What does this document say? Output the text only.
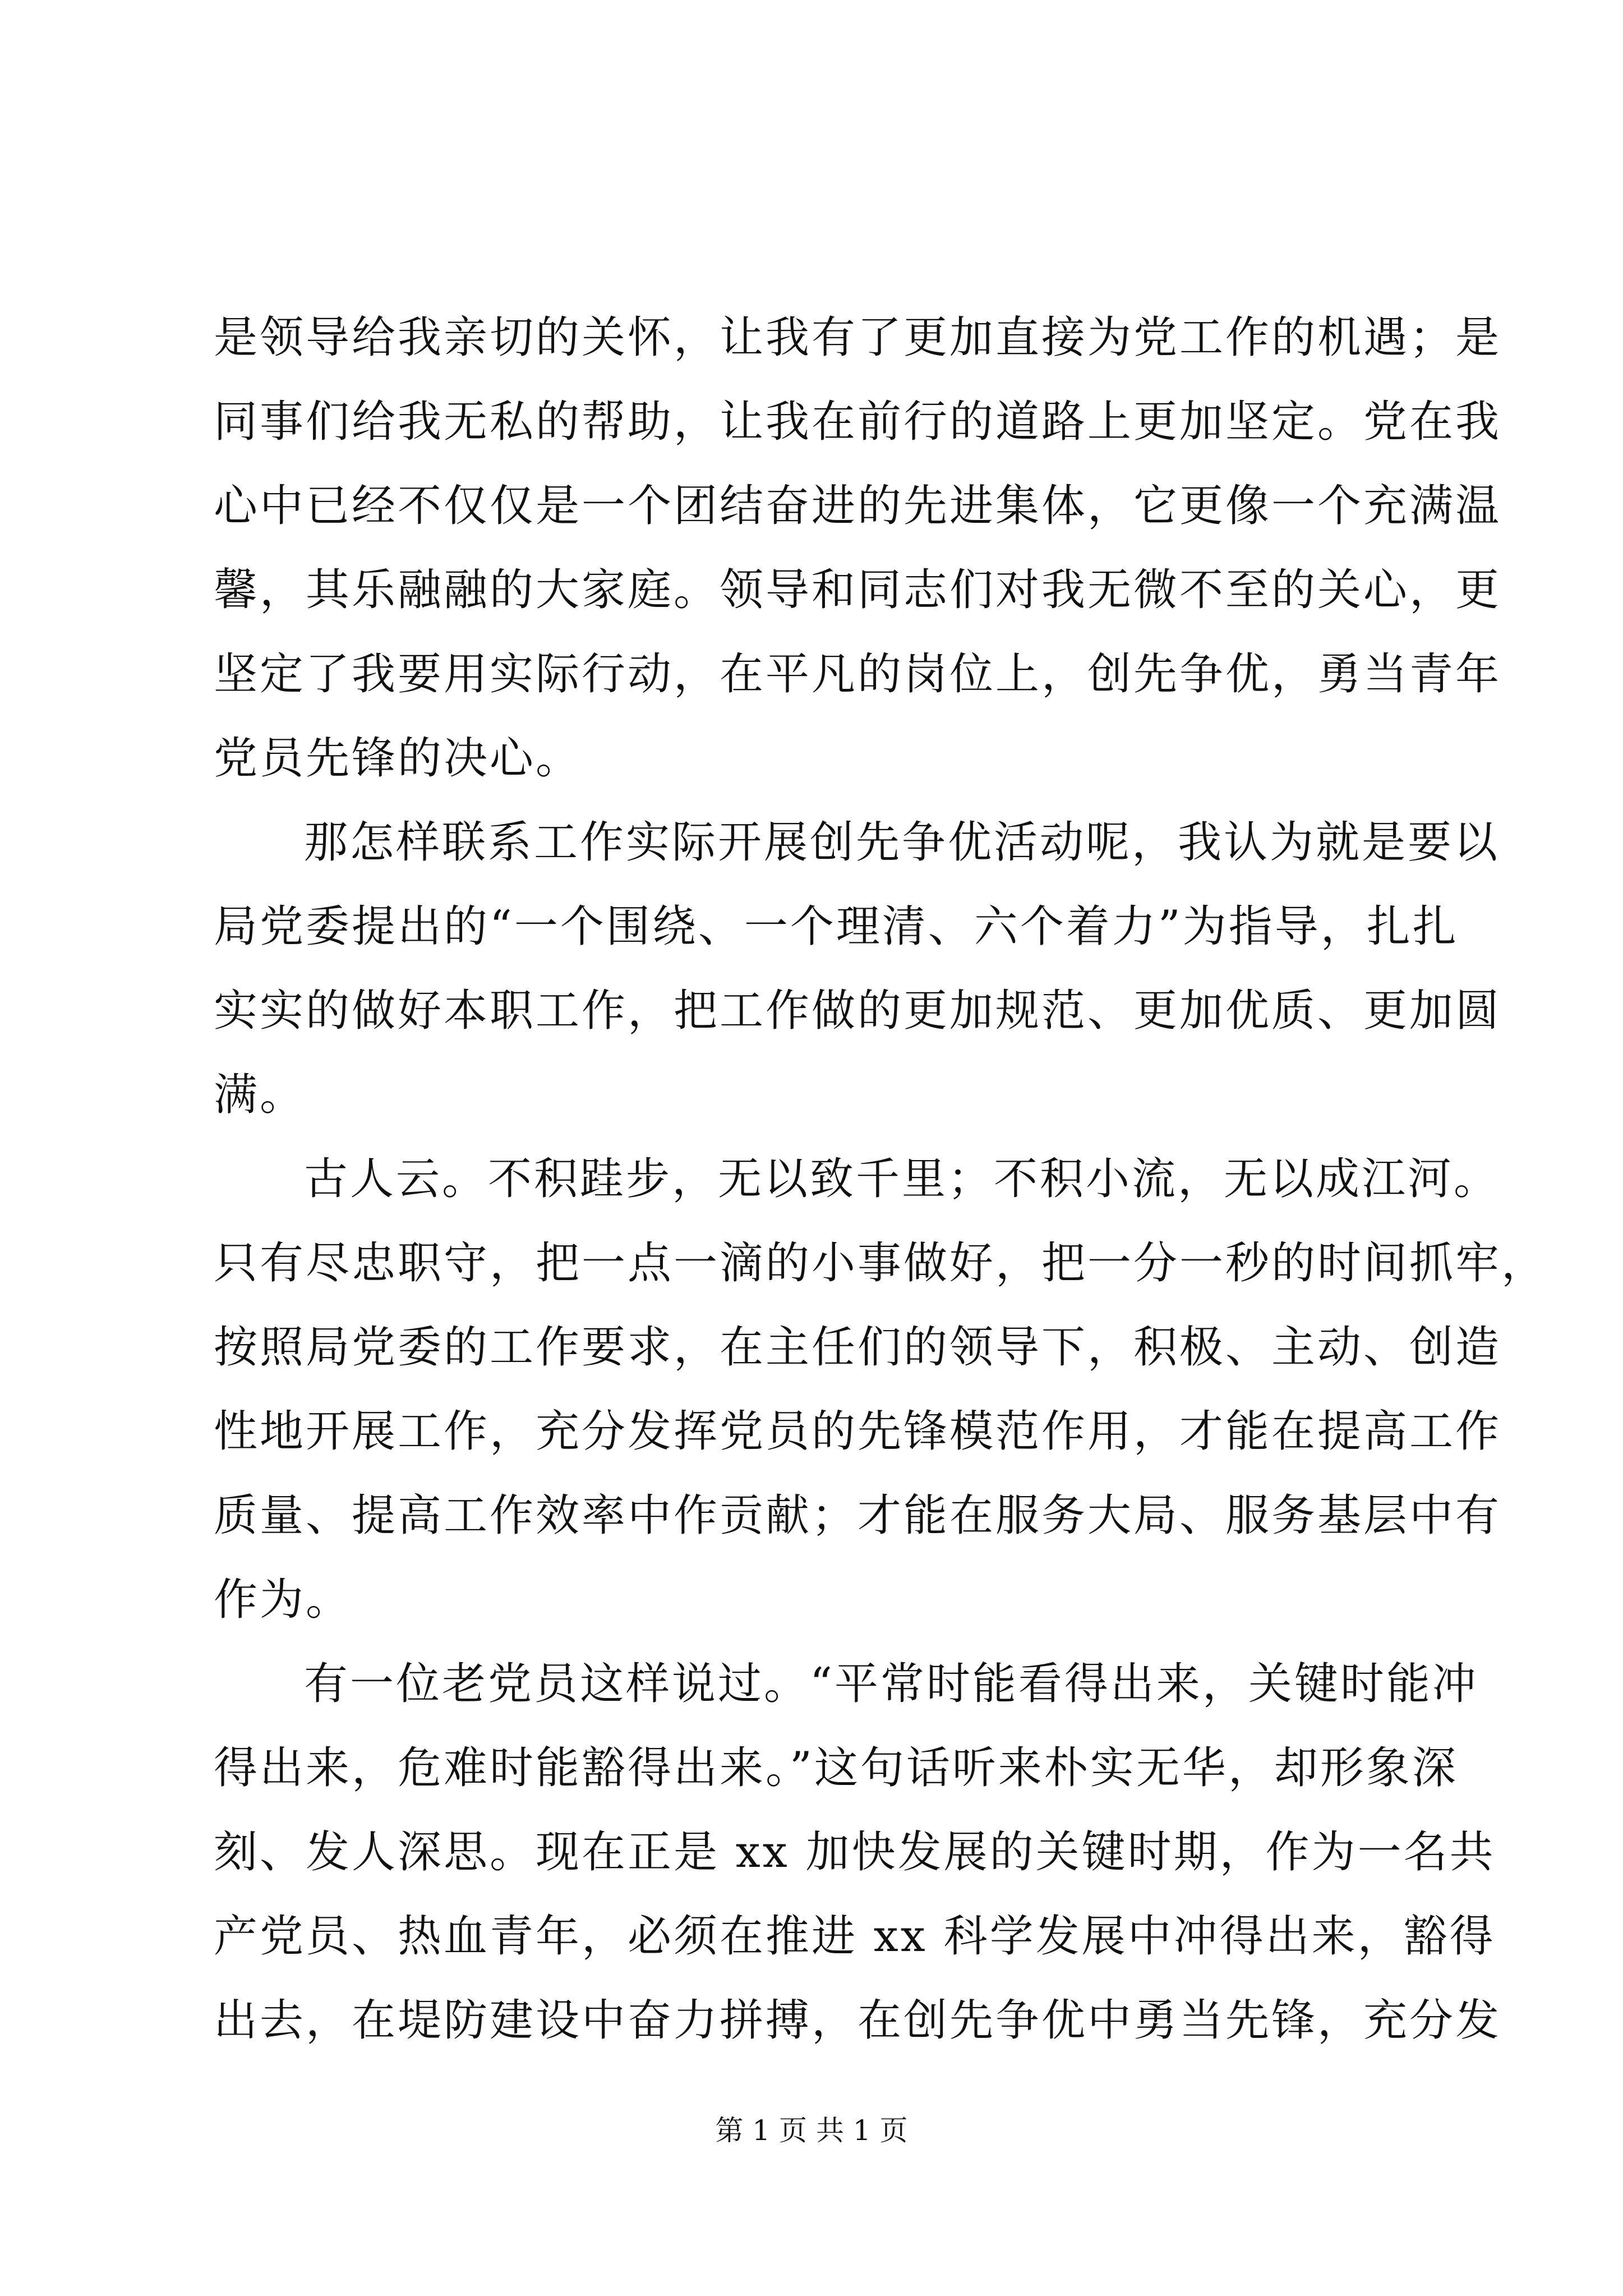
是领导给我亲切的关怀，让我有了更加直接为党工作的机遇；是
同事们给我无私的帮助，让我在前行的道路上更加坚定。党在我
心中已经不仅仅是一个团结奋进的先进集体，它更像一个充满温
馨，其乐融融的大家庭。领导和同志们对我无微不至的关心，更
坚定了我要用实际行动，在平凡的岗位上，创先争优，勇当青年
党员先锋的决心。
那怎样联系工作实际开展创先争优活动呢，我认为就是要以
局党委提出的“一个围绕、一个理清、六个着力”为指导，扎扎
实实的做好本职工作，把工作做的更加规范、更加优质、更加圆
满。
古人云。不积跬步，无以致千里；不积小流，无以成江河。
只有尽忠职守，把一点一滴的小事做好，把一分一秒的时间抓牢，
按照局党委的工作要求，在主任们的领导下，积极、主动、创造
性地开展工作，充分发挥党员的先锋模范作用，才能在提高工作
质量、提高工作效率中作贡献；才能在服务大局、服务基层中有
作为。
有一位老党员这样说过。“平常时能看得出来，关键时能冲
得出来，危难时能豁得出来。”这句话听来朴实无华，却形象深
刻、发人深思。现在正是 xx 加快发展的关键时期，作为一名共
产党员、热血青年，必须在推进 xx 科学发展中冲得出来，豁得
出去，在堤防建设中奋力拼搏，在创先争优中勇当先锋，充分发
第 1 页 共 1 页
